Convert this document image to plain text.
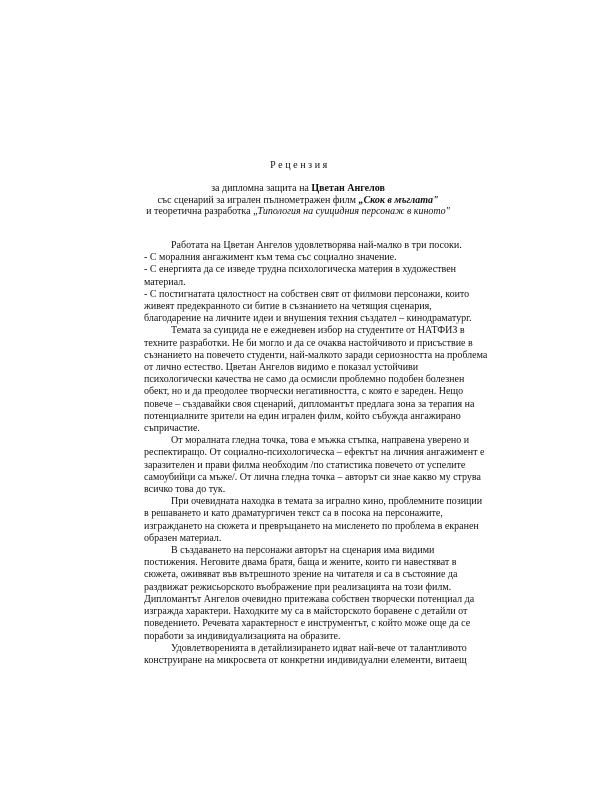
Рецензия
за дипломна защита на Цветан Ангелов
със сценарий за игрален пълнометражен филм „Скок в мъглата"
и теоретична разработка „Типология на суицидния персонаж в киното"

Работата на Цветан Ангелов удовлетворява най-малко в три посоки.

- С моралния ангажимент към тема със социално значение.

- С енергията да се изведе трудна психологическа материя в художествен материал.

- С постигнатата цялостност на собствен свят от филмови персонажи, които живеят предекранното си битие в съзнанието на четящия сценария, благодарение на личните идеи и внушения техния създател – кинодраматург.

Темата за суицида не е ежедневен избор на студентите от НАТФИЗ в техните разработки. Не би могло и да се очаква настойчивото и присъствие в съзнанието на повечето студенти, най-малкото заради сериозността на проблема от лично естество. Цветан Ангелов видимо е показал устойчиви психологически качества не само да осмисли проблемно подобен болезнен обект, но и да преодолее творчески негативността, с която е зареден. Нещо повече – създавайки своя сценарий, дипломантът предлага зона за терапия на потенциалните зрители на един игрален филм, който събужда ангажирано съпричастие.

От моралната гледна точка, това е мъжка стъпка, направена уверено и респектиращо. От социално-психологическа – ефектът на личния ангажимент е заразителен и прави филма необходим /по статистика повечето от успелите самоубийци са мъже/. От лична гледна точка – авторът си знае какво му струва всичко това до тук.

При очевидната находка в темата за игрално кино, проблемните позиции в решаването и като драматургичен текст са в посока на персонажите, изграждането на сюжета и превръщането на мисленето по проблема в екранен образен материал.

В създаването на персонажи авторът на сценария има видими постижения. Неговите двама братя, баща и жените, които ги навестяват в сюжета, оживяват във вътрешното зрение на читателя и са в състояние да раздвижат режисьорското въображение при реализацията на този филм. Дипломантът Ангелов очевидно притежава собствен творчески потенциал да изгражда характери. Находките му са в майсторското боравене с детайли от поведението. Речевата характерност е инструментът, с който може още да се поработи за индивидуализацията на образите.

Удовлетворенията в детайлизирането идват най-вече от талантливото конструиране на микросвета от конкретни индивидуални елементи, витаещ
